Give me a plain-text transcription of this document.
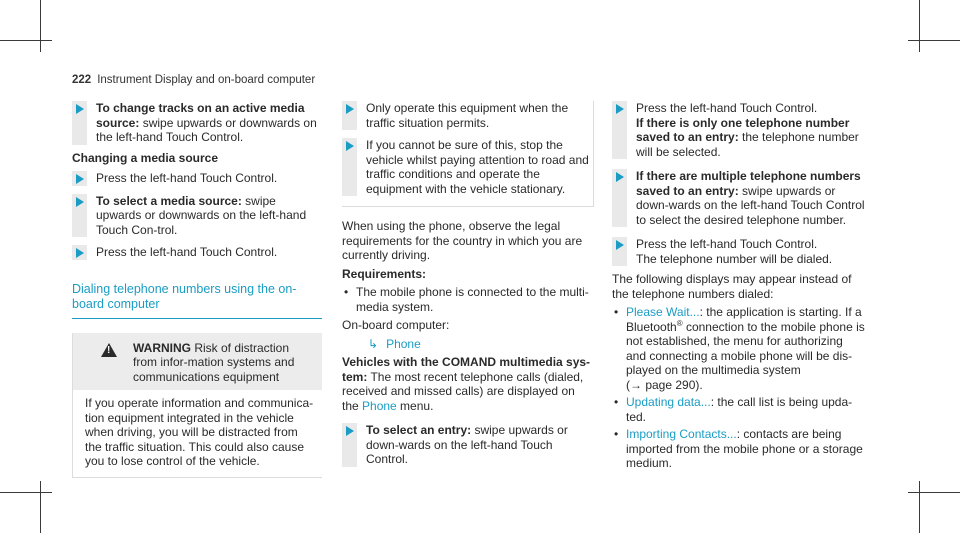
222 Instrument Display and on-board computer

To change tracks on an active media source: swipe upwards or downwards on the left-hand Touch Control.

Changing a media source

Press the left-hand Touch Control.

To select a media source: swipe upwards or downwards on the left-hand Touch Con-trol.

Press the left-hand Touch Control.

Dialing telephone numbers using the on-board computer
!
WARNING Risk of distraction from infor-mation systems and communications equipment
If you operate information and communica-tion equipment integrated in the vehicle when driving, you will be distracted from the traffic situation. This could also cause you to lose control of the vehicle.

Only operate this equipment when the traffic situation permits.

If you cannot be sure of this, stop the vehicle whilst paying attention to road and traffic conditions and operate the equipment with the vehicle stationary.

When using the phone, observe the legal requirements for the country in which you are currently driving.

Requirements:
• The mobile phone is connected to the multi-media system.

On-board computer:

↳ Phone

Vehicles with the COMAND multimedia sys-tem: The most recent telephone calls (dialed, received and missed calls) are displayed on the Phone menu.

To select an entry: swipe upwards or down-wards on the left-hand Touch Control.

Press the left-hand Touch Control.

If there is only one telephone number saved to an entry: the telephone number will be selected.

If there are multiple telephone numbers saved to an entry: swipe upwards or down-wards on the left-hand Touch Control to select the desired telephone number.

Press the left-hand Touch Control.

The telephone number will be dialed.

The following displays may appear instead of the telephone numbers dialed:

• Please Wait...: the application is starting. If a Bluetooth® connection to the mobile phone is not established, the menu for authorizing and connecting a mobile phone will be dis-played on the multimedia system
(→ page 290).
• Updating data...: the call list is being upda-ted.
• Importing Contacts...: contacts are being imported from the mobile phone or a storage medium.
